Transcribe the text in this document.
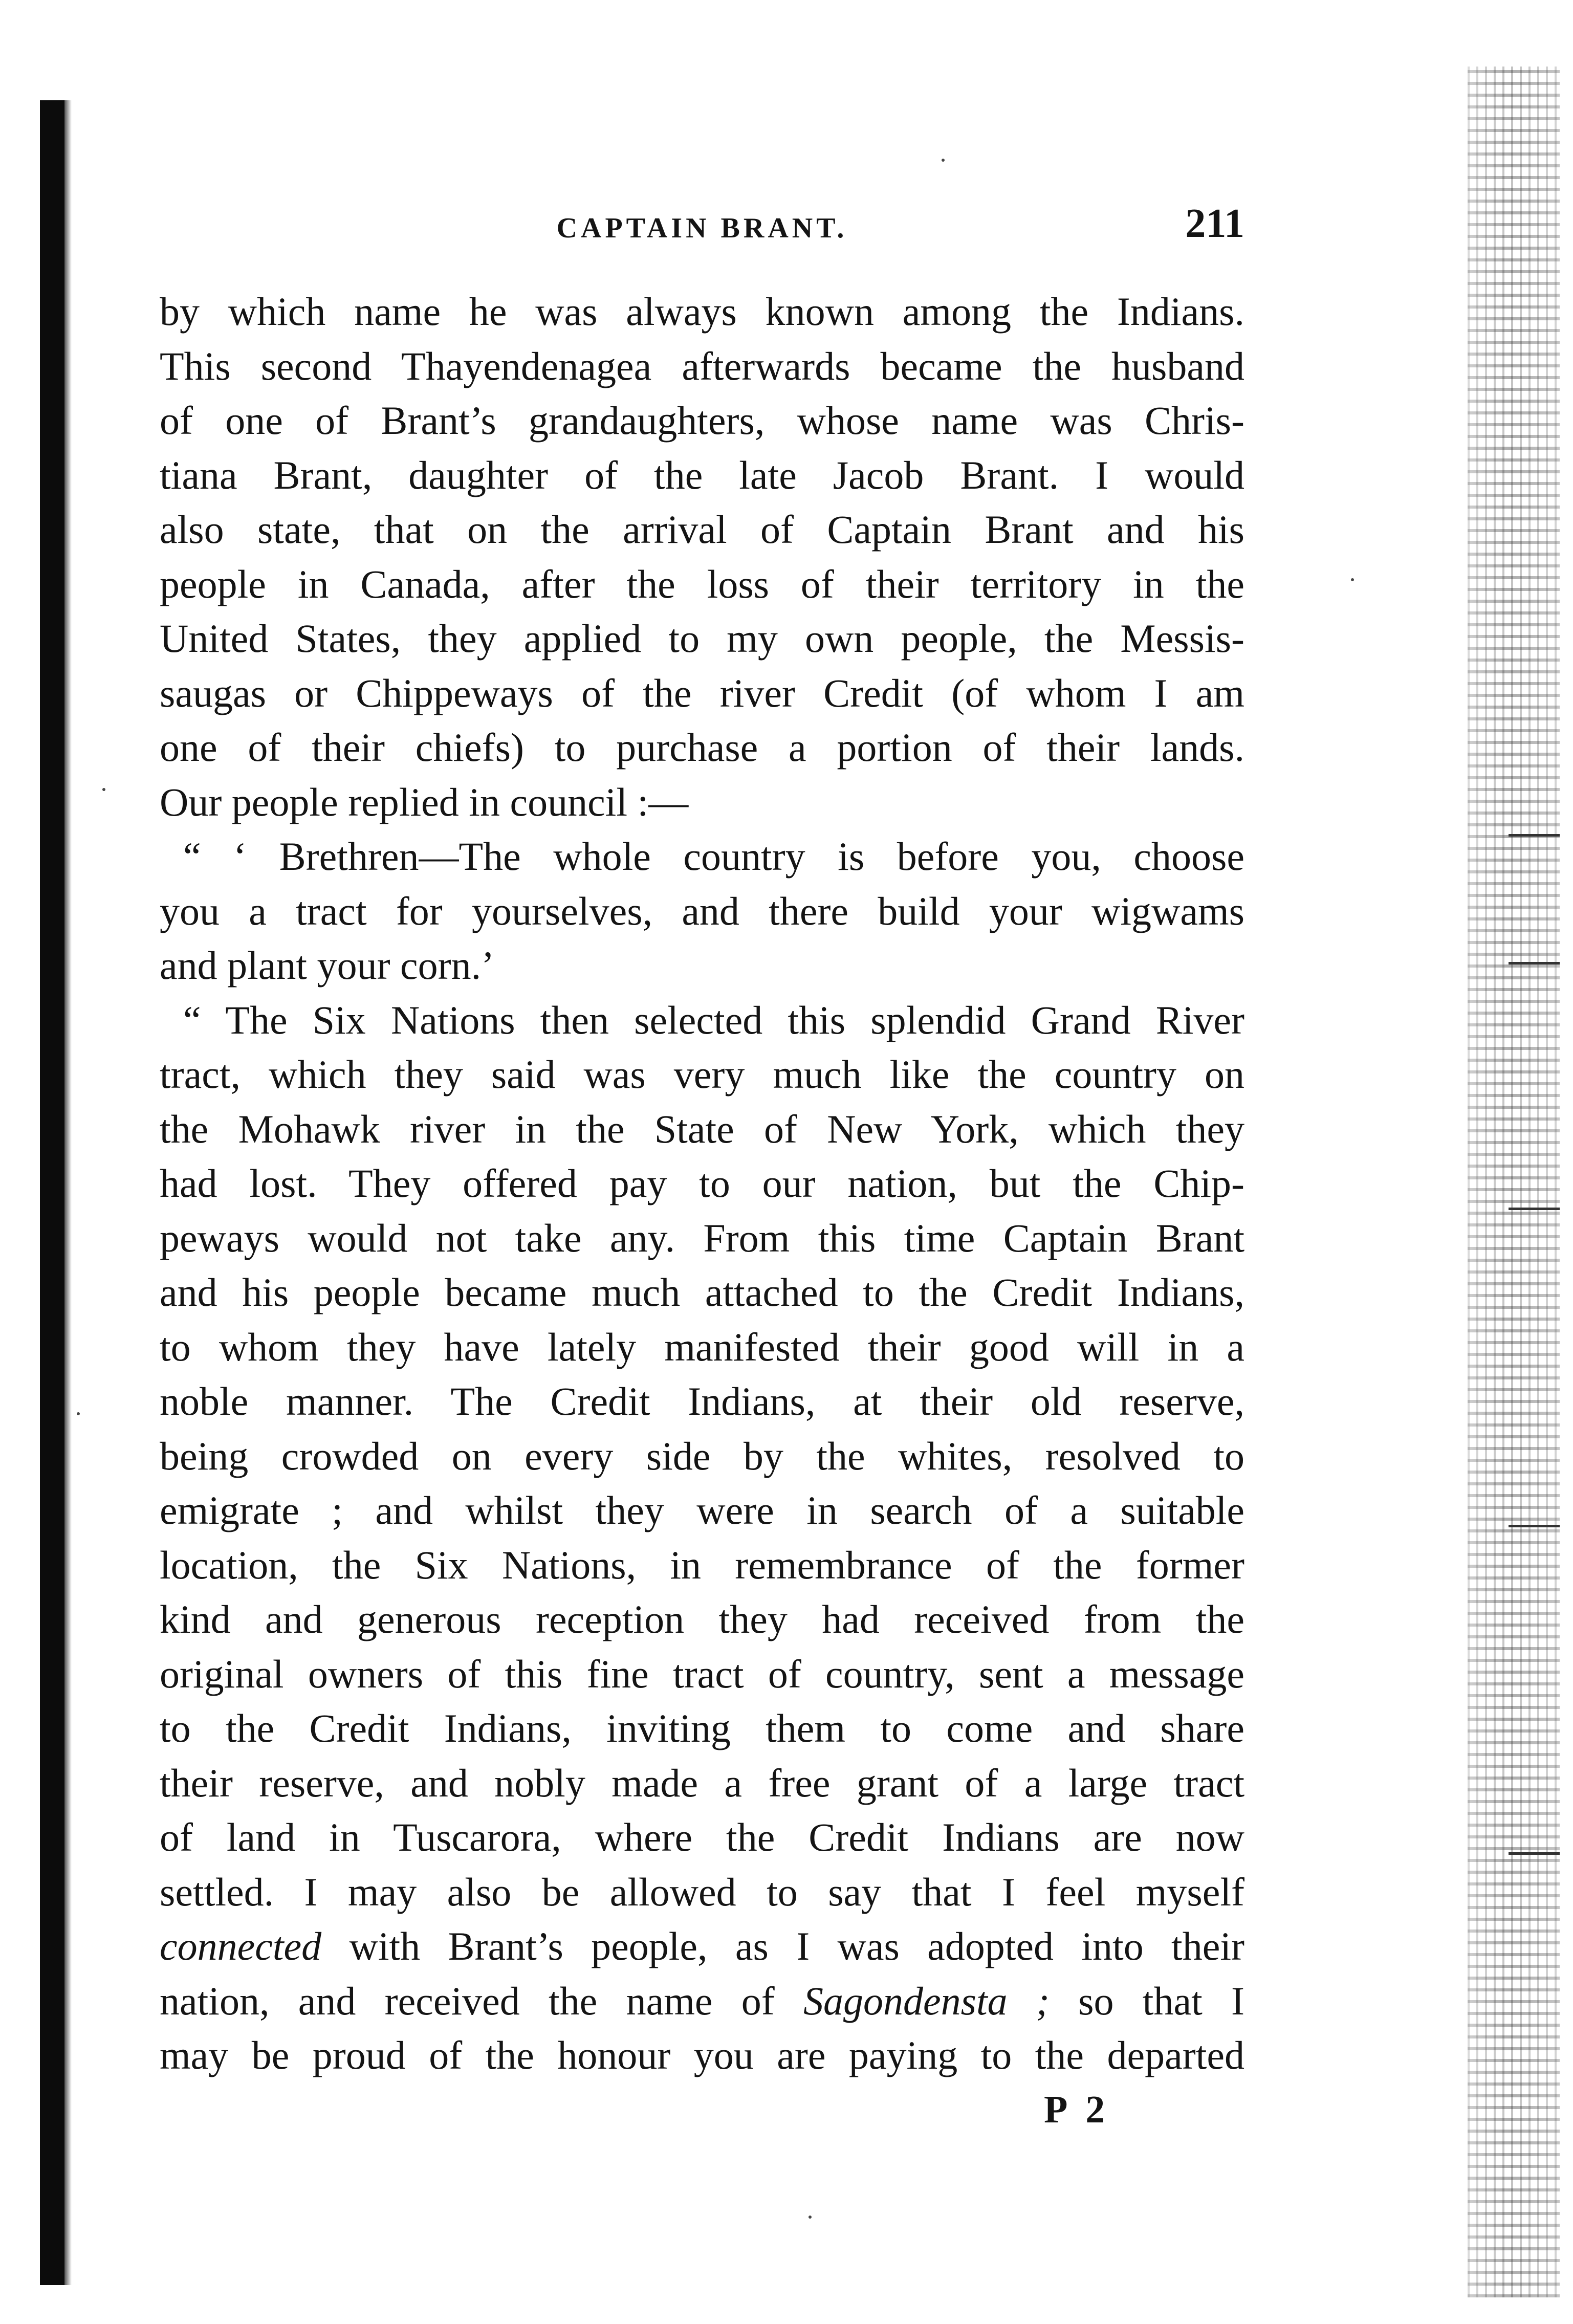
CAPTAIN BRANT.	211
by which name he was always known among the Indians.
This second Thayendenagea afterwards became the husband
of one of Brant’s grandaughters, whose name was Chris-
tiana Brant, daughter of the late Jacob Brant. I would
also state, that on the arrival of Captain Brant and his
people in Canada, after the loss of their territory in the
United States, they applied to my own people, the Messis-
saugas or Chippeways of the river Credit (of whom I am
one of their chiefs) to purchase a portion of their lands.
Our people replied in council :—
“ ‘ Brethren—The whole country is before you, choose
you a tract for yourselves, and there build your wigwams
and plant your corn.’
“ The Six Nations then selected this splendid Grand River
tract, which they said was very much like the country on
the Mohawk river in the State of New York, which they
had lost. They offered pay to our nation, but the Chip-
peways would not take any. From this time Captain Brant
and his people became much attached to the Credit Indians,
to whom they have lately manifested their good will in a
noble manner. The Credit Indians, at their old reserve,
being crowded on every side by the whites, resolved to
emigrate ; and whilst they were in search of a suitable
location, the Six Nations, in remembrance of the former
kind and generous reception they had received from the
original owners of this fine tract of country, sent a message
to the Credit Indians, inviting them to come and share
their reserve, and nobly made a free grant of a large tract
of land in Tuscarora, where the Credit Indians are now
settled. I may also be allowed to say that I feel myself
connected with Brant’s people, as I was adopted into their
nation, and received the name of Sagondensta ; so that I
may be proud of the honour you are paying to the departed
P 2
